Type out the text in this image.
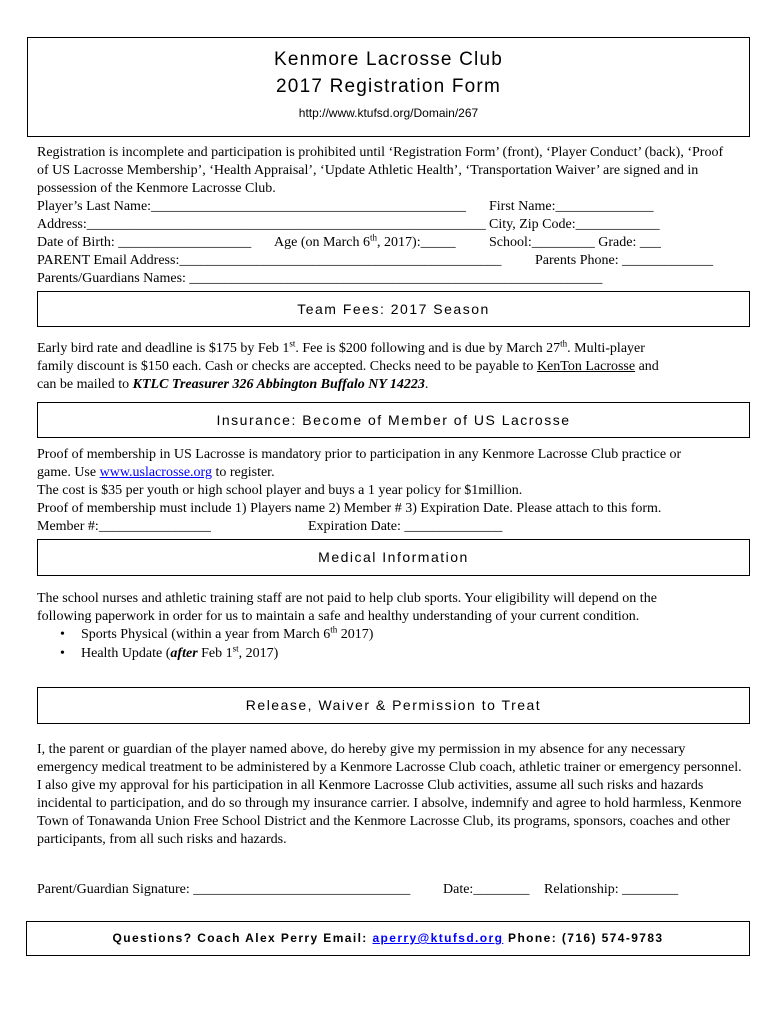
Kenmore Lacrosse Club
2017 Registration Form
http://www.ktufsd.org/Domain/267
Registration is incomplete and participation is prohibited until ‘Registration Form’ (front), ‘Player Conduct’ (back), ‘Proof of US Lacrosse Membership’, ‘Health Appraisal’, ‘Update Athletic Health’, ‘Transportation Waiver’ are signed and in possession of the Kenmore Lacrosse Club.
Player’s Last Name:_____________________________________________ First Name:______________
Address:_________________________________________________________ City, Zip Code:____________
Date of Birth: ___________________ Age (on March 6th, 2017):_____ School:_________ Grade: ___
PARENT Email Address:______________________________________________ Parents Phone: _____________
Parents/Guardians Names: ___________________________________________________________
Team Fees: 2017 Season
Early bird rate and deadline is $175 by Feb 1st. Fee is $200 following and is due by March 27th. Multi-player
family discount is $150 each. Cash or checks are accepted. Checks need to be payable to KenTon Lacrosse and
can be mailed to KTLC Treasurer 326 Abbington Buffalo NY 14223.
Insurance: Become of Member of US Lacrosse
Proof of membership in US Lacrosse is mandatory prior to participation in any Kenmore Lacrosse Club practice or
game. Use www.uslacrosse.org to register.
The cost is $35 per youth or high school player and buys a 1 year policy for $1million.
Proof of membership must include 1) Players name 2) Member # 3) Expiration Date. Please attach to this form.
Member #:________________	Expiration Date: ______________
Medical Information
The school nurses and athletic training staff are not paid to help club sports. Your eligibility will depend on the
following paperwork in order for us to maintain a safe and healthy understanding of your current condition.
• Sports Physical (within a year from March 6th 2017)
• Health Update (after Feb 1st, 2017)
Release, Waiver & Permission to Treat
I, the parent or guardian of the player named above, do hereby give my permission in my absence for any necessary emergency medical treatment to be administered by a Kenmore Lacrosse Club coach, athletic trainer or emergency personnel. I also give my approval for his participation in all Kenmore Lacrosse Club activities, assume all such risks and hazards incidental to participation, and do so through my insurance carrier. I absolve, indemnify and agree to hold harmless, Kenmore Town of Tonawanda Union Free School District and the Kenmore Lacrosse Club, its programs, sponsors, coaches and other participants, from all such risks and hazards.
Parent/Guardian Signature: _______________________________ Date:________ Relationship: ________
Questions? Coach Alex Perry Email: aperry@ktufsd.org Phone: (716) 574-9783
